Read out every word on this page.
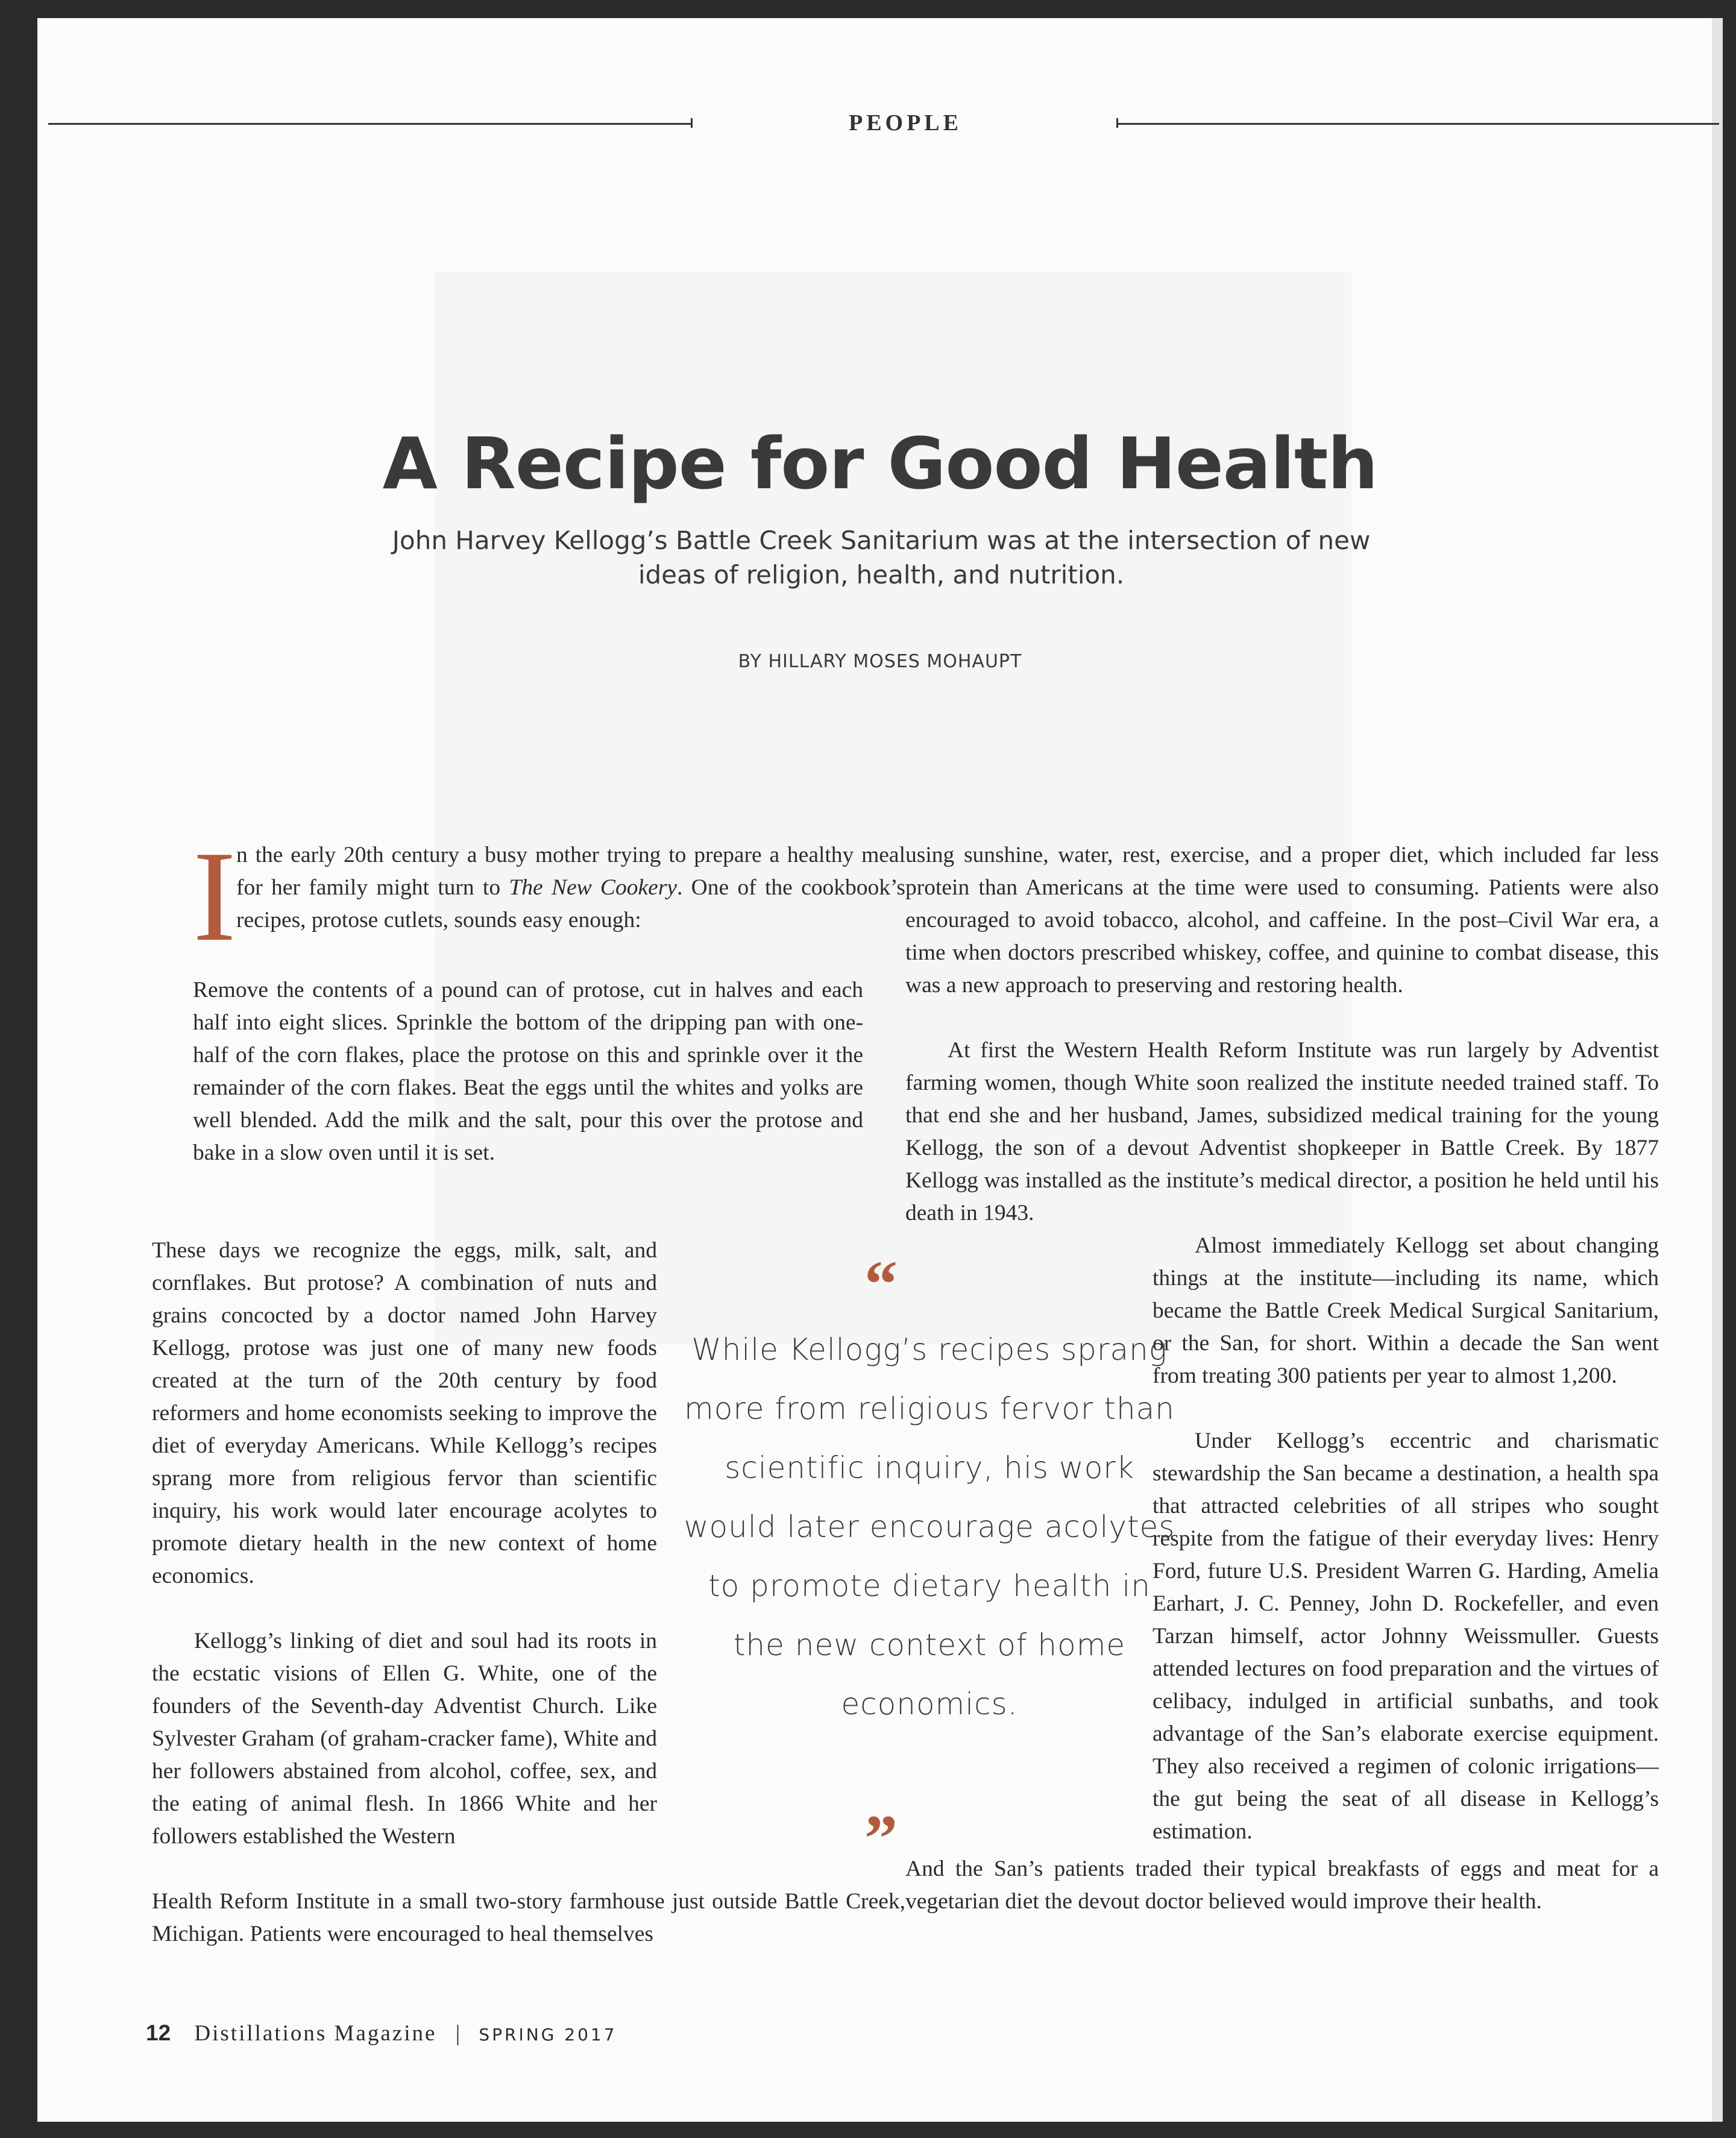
PEOPLE
A Recipe for Good Health

John Harvey Kellogg’s Battle Creek Sanitarium was at the intersection of new ideas of religion, health, and nutrition.

BY HILLARY MOSES MOHAUPT
I n the early 20th century a busy mother trying to prepare a healthy meal for her family might turn to The New Cookery. One of the cookbook’s recipes, protose cutlets, sounds easy enough:

Remove the contents of a pound can of protose, cut in halves and each half into eight slices. Sprinkle the bottom of the dripping pan with one-half of the corn flakes, place the protose on this and sprinkle over it the remainder of the corn flakes. Beat the eggs until the whites and yolks are well blended. Add the milk and the salt, pour this over the protose and bake in a slow oven until it is set.

These days we recognize the eggs, milk, salt, and cornflakes. But protose? A combination of nuts and grains concocted by a doctor named John Harvey Kellogg, protose was just one of many new foods created at the turn of the 20th century by food reformers and home economists seeking to improve the diet of everyday Americans. While Kellogg’s recipes sprang more from religious fervor than scientific inquiry, his work would later encourage acolytes to promote dietary health in the new context of home economics.

Kellogg’s linking of diet and soul had its roots in the ecstatic visions of Ellen G. White, one of the founders of the Seventh-day Adventist Church. Like Sylvester Graham (of graham-cracker fame), White and her followers abstained from alcohol, coffee, sex, and the eating of animal flesh. In 1866 White and her followers established the Western

Health Reform Institute in a small two-story farmhouse just outside Battle Creek, Michigan. Patients were encouraged to heal themselves

using sunshine, water, rest, exercise, and a proper diet, which included far less protein than Americans at the time were used to consuming. Patients were also encouraged to avoid tobacco, alcohol, and caffeine. In the post–Civil War era, a time when doctors prescribed whiskey, coffee, and quinine to combat disease, this was a new approach to preserving and restoring health.

At first the Western Health Reform Institute was run largely by Adventist farming women, though White soon realized the institute needed trained staff. To that end she and her husband, James, subsidized medical training for the young Kellogg, the son of a devout Adventist shopkeeper in Battle Creek. By 1877 Kellogg was installed as the institute’s medical director, a position he held until his death in 1943.

Almost immediately Kellogg set about changing things at the institute—including its name, which became the Battle Creek Medical Surgical Sanitarium, or the San, for short. Within a decade the San went from treating 300 patients per year to almost 1,200.

Under Kellogg’s eccentric and charismatic stewardship the San became a destination, a health spa that attracted celebrities of all stripes who sought respite from the fatigue of their everyday lives: Henry Ford, future U.S. President Warren G. Harding, Amelia Earhart, J. C. Penney, John D. Rockefeller, and even Tarzan himself, actor Johnny Weissmuller. Guests attended lectures on food preparation and the virtues of celibacy, indulged in artificial sunbaths, and took advantage of the San’s elaborate exercise equipment. They also received a regimen of colonic irrigations—the gut being the seat of all disease in Kellogg’s estimation.

And the San’s patients traded their typical breakfasts of eggs and meat for a vegetarian diet the devout doctor believed would improve their health.

“

While Kellogg’s recipes sprang more from religious fervor than scientific inquiry, his work would later encourage acolytes to promote dietary health in the new context of home economics.

”
12 Distillations Magazine | SPRING 2017
